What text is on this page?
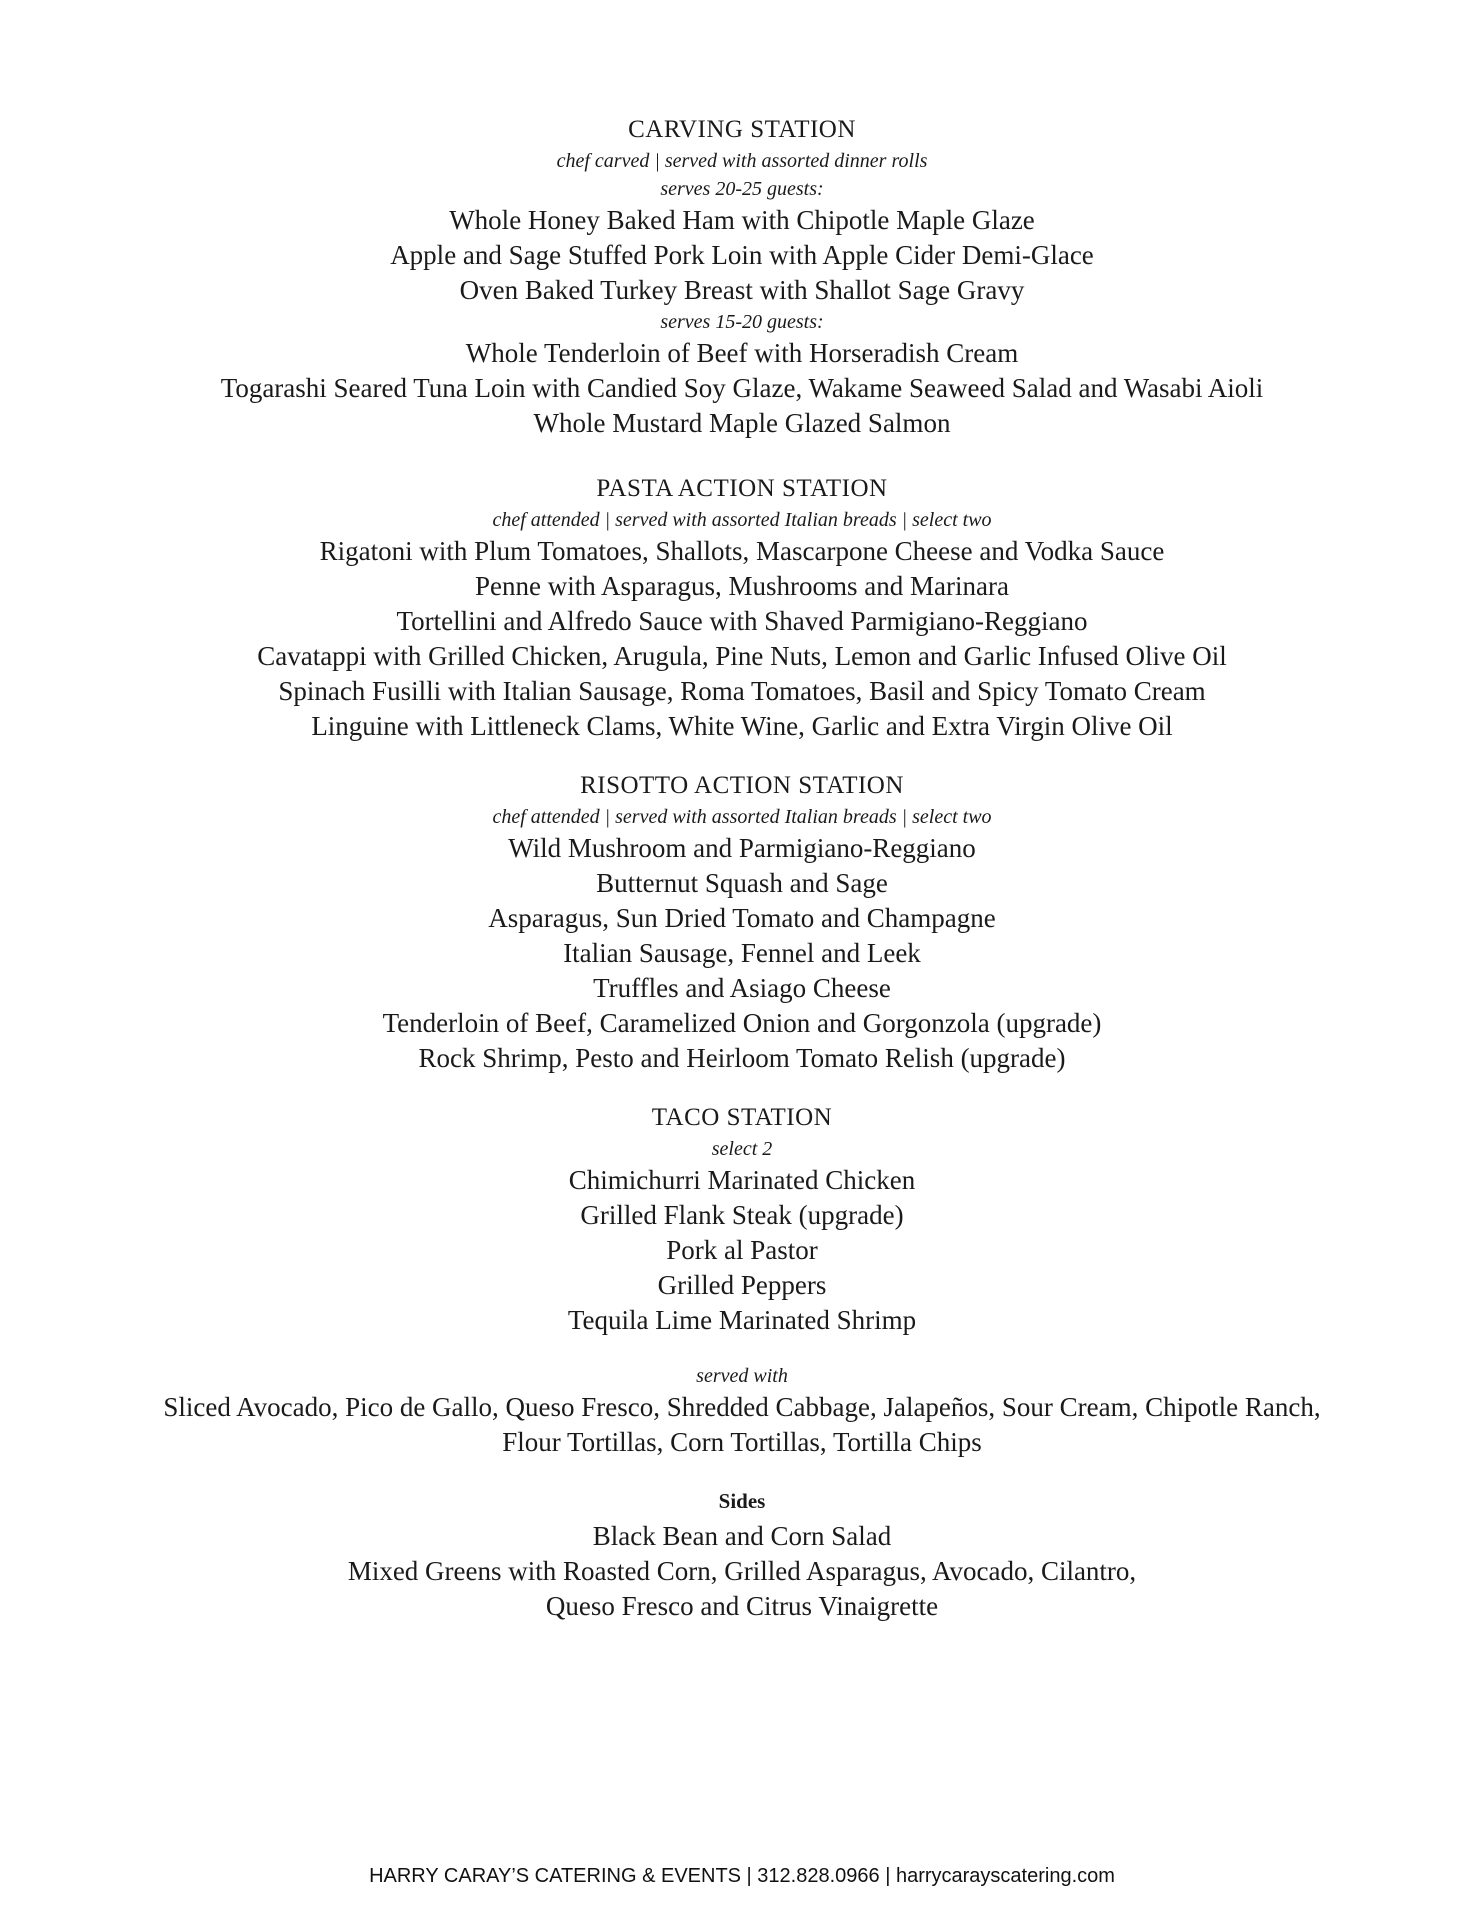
CARVING STATION

chef carved | served with assorted dinner rolls

serves 20-25 guests:

Whole Honey Baked Ham with Chipotle Maple Glaze

Apple and Sage Stuffed Pork Loin with Apple Cider Demi-Glace

Oven Baked Turkey Breast with Shallot Sage Gravy

serves 15-20 guests:

Whole Tenderloin of Beef with Horseradish Cream

Togarashi Seared Tuna Loin with Candied Soy Glaze, Wakame Seaweed Salad and Wasabi Aioli

Whole Mustard Maple Glazed Salmon

PASTA ACTION STATION

chef attended | served with assorted Italian breads | select two

Rigatoni with Plum Tomatoes, Shallots, Mascarpone Cheese and Vodka Sauce

Penne with Asparagus, Mushrooms and Marinara

Tortellini and Alfredo Sauce with Shaved Parmigiano-Reggiano

Cavatappi with Grilled Chicken, Arugula, Pine Nuts, Lemon and Garlic Infused Olive Oil

Spinach Fusilli with Italian Sausage, Roma Tomatoes, Basil and Spicy Tomato Cream

Linguine with Littleneck Clams, White Wine, Garlic and Extra Virgin Olive Oil

RISOTTO ACTION STATION

chef attended | served with assorted Italian breads | select two

Wild Mushroom and Parmigiano-Reggiano

Butternut Squash and Sage

Asparagus, Sun Dried Tomato and Champagne

Italian Sausage, Fennel and Leek

Truffles and Asiago Cheese

Tenderloin of Beef, Caramelized Onion and Gorgonzola (upgrade)

Rock Shrimp, Pesto and Heirloom Tomato Relish (upgrade)

TACO STATION

select 2

Chimichurri Marinated Chicken

Grilled Flank Steak (upgrade)

Pork al Pastor

Grilled Peppers

Tequila Lime Marinated Shrimp

served with

Sliced Avocado, Pico de Gallo, Queso Fresco, Shredded Cabbage, Jalapeños, Sour Cream, Chipotle Ranch,

Flour Tortillas, Corn Tortillas, Tortilla Chips

Sides

Black Bean and Corn Salad

Mixed Greens with Roasted Corn, Grilled Asparagus, Avocado, Cilantro,

Queso Fresco and Citrus Vinaigrette

HARRY CARAY’S CATERING & EVENTS | 312.828.0966 | harrycarayscatering.com
